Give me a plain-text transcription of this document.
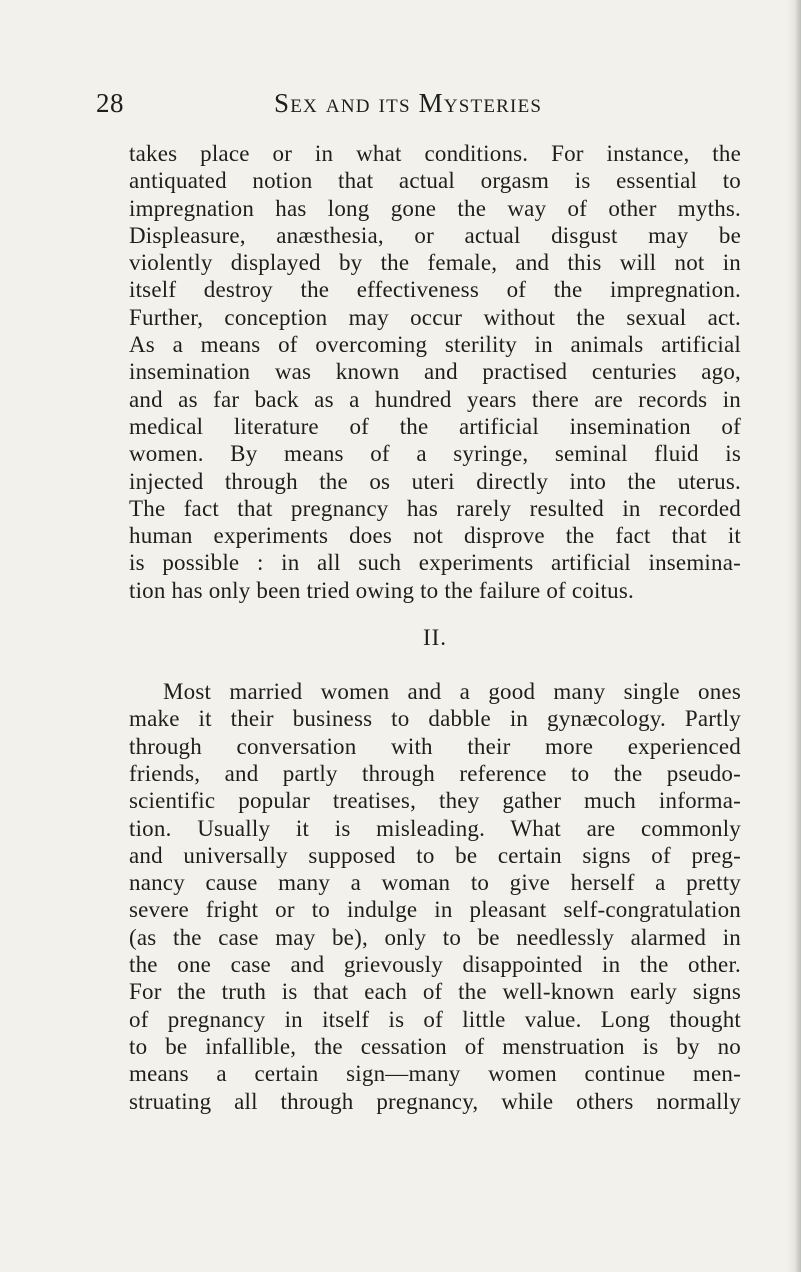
28	Sex and its Mysteries
takes place or in what conditions. For instance, the
antiquated notion that actual orgasm is essential to
impregnation has long gone the way of other myths.
Displeasure, anæsthesia, or actual disgust may be
violently displayed by the female, and this will not in
itself destroy the effectiveness of the impregnation.
Further, conception may occur without the sexual act.
As a means of overcoming sterility in animals artificial
insemination was known and practised centuries ago,
and as far back as a hundred years there are records in
medical literature of the artificial insemination of
women. By means of a syringe, seminal fluid is
injected through the os uteri directly into the uterus.
The fact that pregnancy has rarely resulted in recorded
human experiments does not disprove the fact that it
is possible : in all such experiments artificial insemina-
tion has only been tried owing to the failure of coitus.
II.
Most married women and a good many single ones
make it their business to dabble in gynæcology. Partly
through conversation with their more experienced
friends, and partly through reference to the pseudo-
scientific popular treatises, they gather much informa-
tion. Usually it is misleading. What are commonly
and universally supposed to be certain signs of preg-
nancy cause many a woman to give herself a pretty
severe fright or to indulge in pleasant self-congratulation
(as the case may be), only to be needlessly alarmed in
the one case and grievously disappointed in the other.
For the truth is that each of the well-known early signs
of pregnancy in itself is of little value. Long thought
to be infallible, the cessation of menstruation is by no
means a certain sign—many women continue men-
struating all through pregnancy, while others normally
